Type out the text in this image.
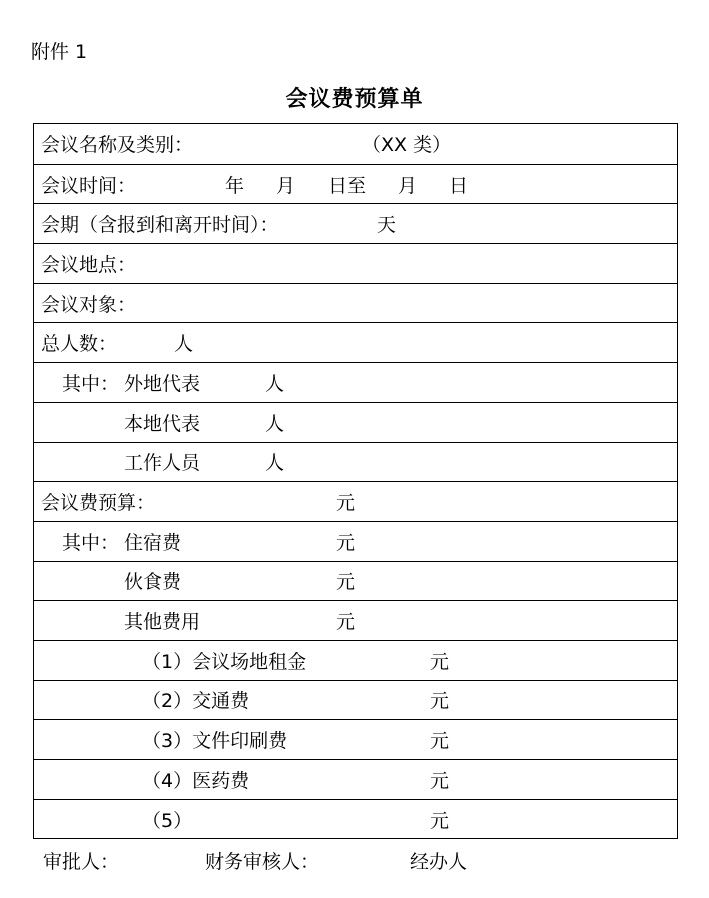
附件 1
会议费预算单
会议名称及类别：	（XX 类）
会议时间：	年 月 日至 月 日
会期（含报到和离开时间）：	天
会议地点：
会议对象：
总人数：	人
其中： 外地代表	人
本地代表	人
工作人员	人
会议费预算：	元
其中： 住宿费	元
伙食费	元
其他费用	元
（1）会议场地租金	元
（2）交通费	元
（3）文件印刷费	元
（4）医药费	元
（5）	元
审批人：	财务审核人：	经办人
